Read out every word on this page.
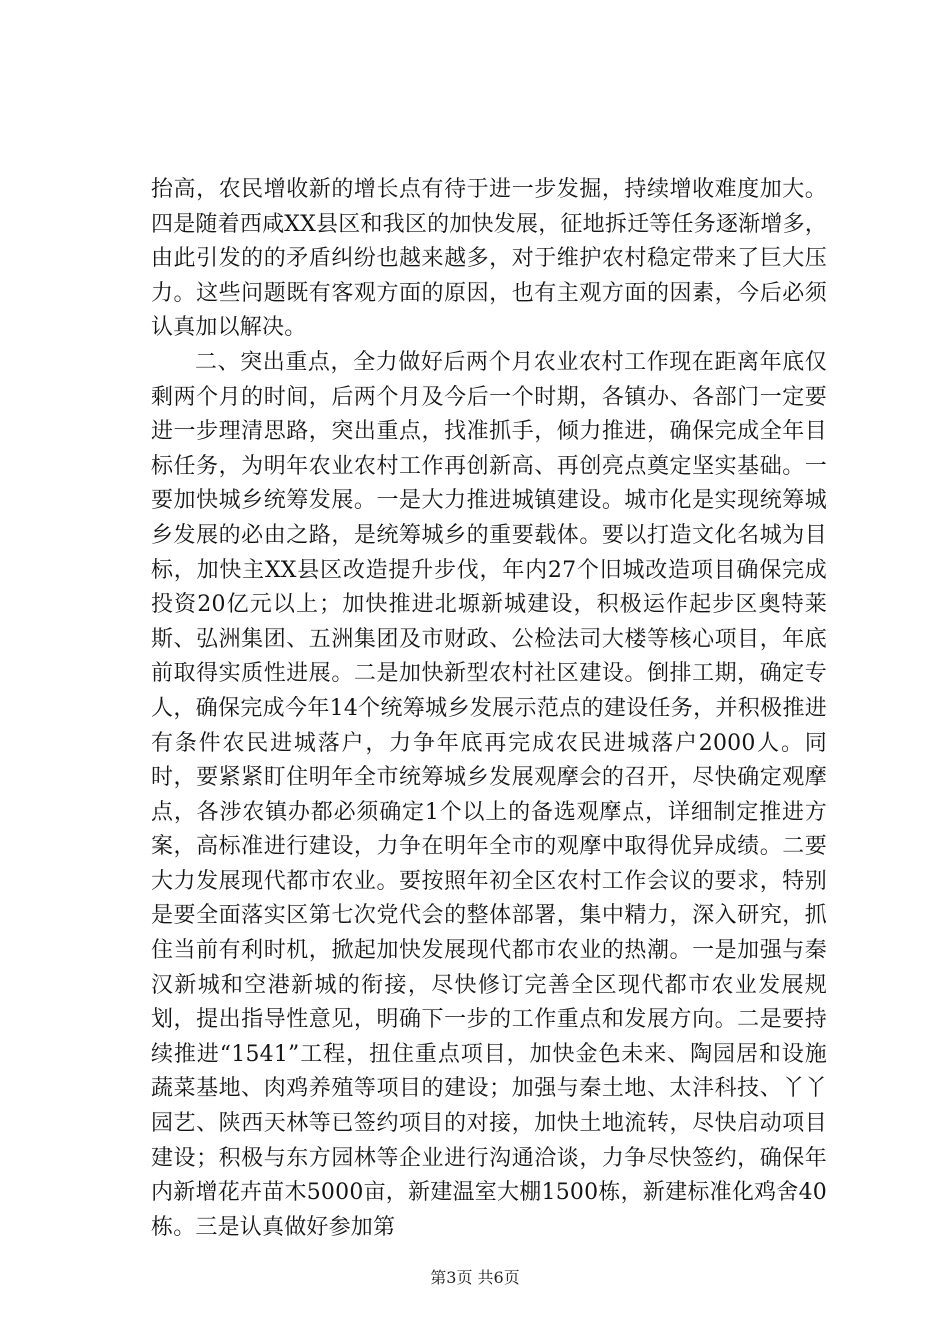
抬高，农民增收新的增长点有待于进一步发掘，持续增收难度加大。四是随着西咸XX县区和我区的加快发展，征地拆迁等任务逐渐增多，由此引发的的矛盾纠纷也越来越多，对于维护农村稳定带来了巨大压力。这些问题既有客观方面的原因，也有主观方面的因素，今后必须认真加以解决。

二、突出重点，全力做好后两个月农业农村工作现在距离年底仅剩两个月的时间，后两个月及今后一个时期，各镇办、各部门一定要进一步理清思路，突出重点，找准抓手，倾力推进，确保完成全年目标任务，为明年农业农村工作再创新高、再创亮点奠定坚实基础。一要加快城乡统筹发展。一是大力推进城镇建设。城市化是实现统筹城乡发展的必由之路，是统筹城乡的重要载体。要以打造文化名城为目标，加快主XX县区改造提升步伐，年内27个旧城改造项目确保完成投资20亿元以上；加快推进北塬新城建设，积极运作起步区奥特莱斯、弘洲集团、五洲集团及市财政、公检法司大楼等核心项目，年底前取得实质性进展。二是加快新型农村社区建设。倒排工期，确定专人，确保完成今年14个统筹城乡发展示范点的建设任务，并积极推进有条件农民进城落户，力争年底再完成农民进城落户2000人。同时，要紧紧盯住明年全市统筹城乡发展观摩会的召开，尽快确定观摩点，各涉农镇办都必须确定1个以上的备选观摩点，详细制定推进方案，高标准进行建设，力争在明年全市的观摩中取得优异成绩。二要大力发展现代都市农业。要按照年初全区农村工作会议的要求，特别是要全面落实区第七次党代会的整体部署，集中精力，深入研究，抓住当前有利时机，掀起加快发展现代都市农业的热潮。一是加强与秦汉新城和空港新城的衔接，尽快修订完善全区现代都市农业发展规划，提出指导性意见，明确下一步的工作重点和发展方向。二是要持续推进“1541”工程，扭住重点项目，加快金色未来、陶园居和设施蔬菜基地、肉鸡养殖等项目的建设；加强与秦土地、太沣科技、丫丫园艺、陕西天林等已签约项目的对接，加快土地流转，尽快启动项目建设；积极与东方园林等企业进行沟通洽谈，力争尽快签约，确保年内新增花卉苗木5000亩，新建温室大棚1500栋，新建标准化鸡舍40栋。三是认真做好参加第

第3页 共6页
